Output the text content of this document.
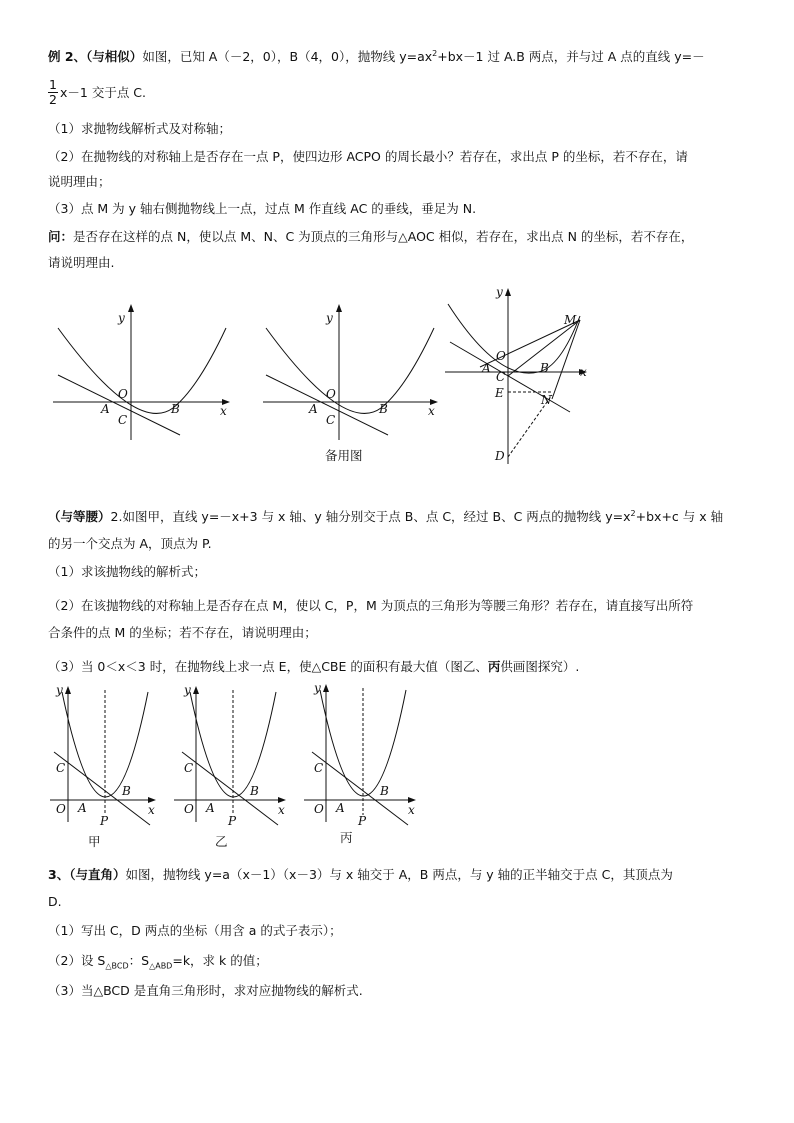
例 2、（与相似）如图，已知 A（－2，0），B（4，0），抛物线 $y=ax^2+bx-1$ 过 A.B 两点，并与过 A 点的直线 y=－
1
2 x－1 交于点 C.
（1）求抛物线解析式及对称轴；
（2）在抛物线的对称轴上是否存在一点 P，使四边形 ACPO 的周长最小？若存在，求出点 P 的坐标，若不存在，请
说明理由；
（3）点 M 为 y 轴右侧抛物线上一点，过点 M 作直线 AC 的垂线，垂足为 N.
问：是否存在这样的点 N，使以点 M、N、C 为顶点的三角形与△AOC 相似，若存在，求出点 N 的坐标，若不存在，
请说明理由.
y
x
O
A	B
C
y
x
O
A	B
C
备用图
y
x
O
A	B
C
M
N
E
D
（与等腰）2.如图甲，直线 y=－x+3 与 x 轴、y 轴分别交于点 B、点 C，经过 B、C 两点的抛物线 $y=x^2+bx+c$ 与 x 轴
的另一个交点为 A，顶点为 P.
（1）求该抛物线的解析式；
（2）在该抛物线的对称轴上是否存在点 M，使以 C，P，M 为顶点的三角形为等腰三角形？若存在，请直接写出所符
合条件的点 M 的坐标；若不存在，请说明理由；
（3）当 0＜x＜3 时，在抛物线上求一点 E，使△CBE 的面积有最大值（图乙、丙供画图探究）.
y
x
O A
B
C
P
甲
y
x
O A
B
C
P
乙
y
x
O A
B
C
P
丙
3、（与直角）如图，抛物线 y=a（x－1）（x－3）与 x 轴交于 A，B 两点，与 y 轴的正半轴交于点 C，其顶点为
D.
（1）写出 C，D 两点的坐标（用含 a 的式子表示）；
（2）设 $S_{\triangle BCD}$：$S_{\triangle ABD}=k$，求 k 的值；
（3）当△BCD 是直角三角形时，求对应抛物线的解析式.
